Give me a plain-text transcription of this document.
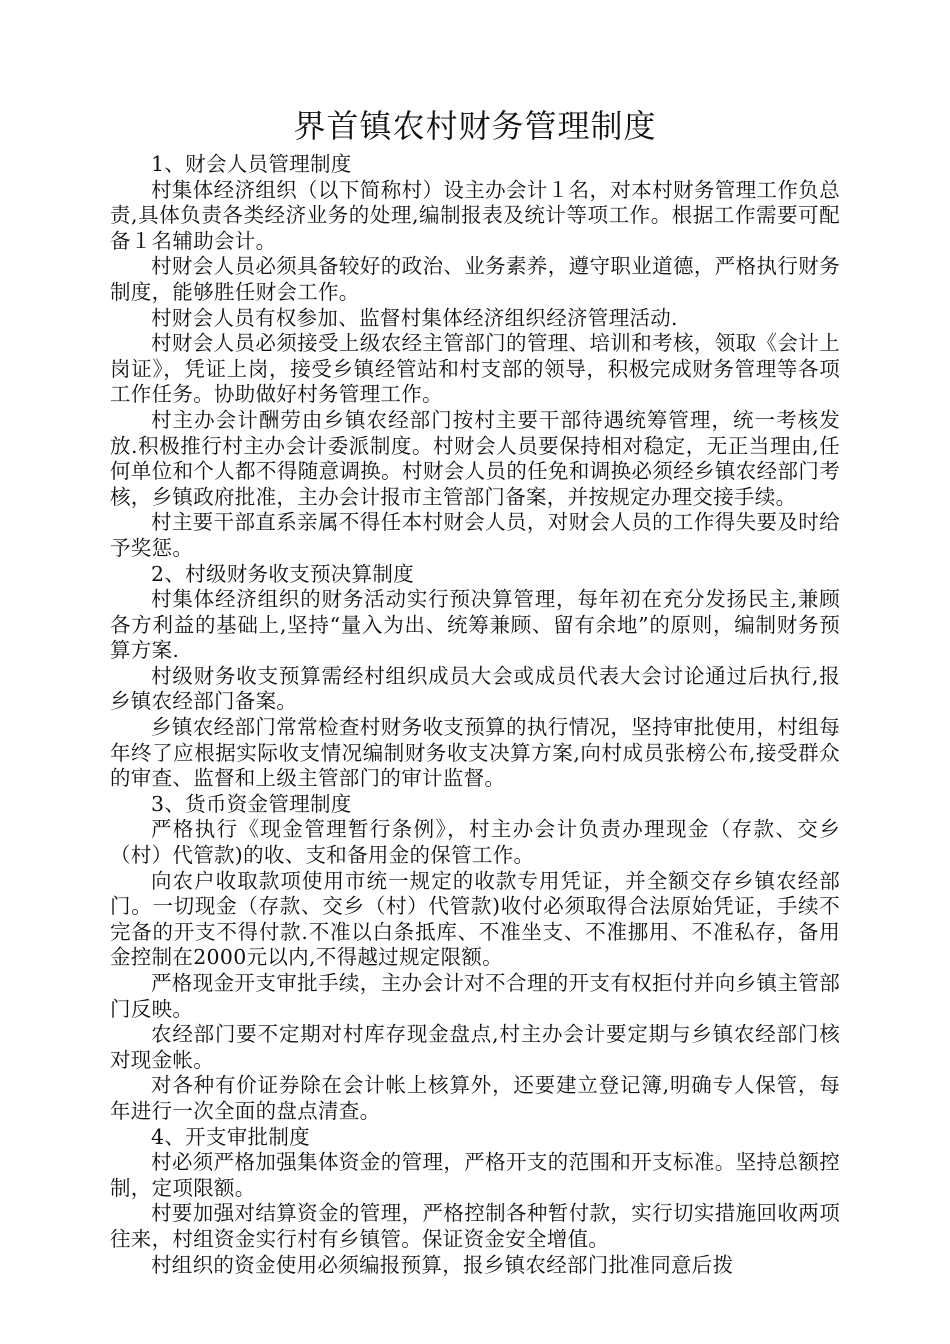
界首镇农村财务管理制度
1、财会人员管理制度

村集体经济组织（以下简称村）设主办会计１名，对本村财务管理工作负总责,具体负责各类经济业务的处理,编制报表及统计等项工作。根据工作需要可配备１名辅助会计。

村财会人员必须具备较好的政治、业务素养，遵守职业道德，严格执行财务制度，能够胜任财会工作。

村财会人员有权参加、监督村集体经济组织经济管理活动.

村财会人员必须接受上级农经主管部门的管理、培训和考核，领取《会计上岗证》，凭证上岗，接受乡镇经管站和村支部的领导，积极完成财务管理等各项工作任务。协助做好村务管理工作。

村主办会计酬劳由乡镇农经部门按村主要干部待遇统筹管理，统一考核发放.积极推行村主办会计委派制度。村财会人员要保持相对稳定，无正当理由,任何单位和个人都不得随意调换。村财会人员的任免和调换必须经乡镇农经部门考核，乡镇政府批准，主办会计报市主管部门备案，并按规定办理交接手续。

村主要干部直系亲属不得任本村财会人员，对财会人员的工作得失要及时给予奖惩。

2、村级财务收支预决算制度

村集体经济组织的财务活动实行预决算管理，每年初在充分发扬民主,兼顾各方利益的基础上,坚持“量入为出、统筹兼顾、留有余地”的原则，编制财务预算方案.

村级财务收支预算需经村组织成员大会或成员代表大会讨论通过后执行,报乡镇农经部门备案。

乡镇农经部门常常检查村财务收支预算的执行情况，坚持审批使用，村组每年终了应根据实际收支情况编制财务收支决算方案,向村成员张榜公布,接受群众的审查、监督和上级主管部门的审计监督。

3、货币资金管理制度

严格执行《现金管理暂行条例》，村主办会计负责办理现金（存款、交乡（村）代管款)的收、支和备用金的保管工作。

向农户收取款项使用市统一规定的收款专用凭证，并全额交存乡镇农经部门。一切现金（存款、交乡（村）代管款)收付必须取得合法原始凭证，手续不完备的开支不得付款.不准以白条抵库、不准坐支、不准挪用、不准私存，备用金控制在2000元以内,不得越过规定限额。

严格现金开支审批手续，主办会计对不合理的开支有权拒付并向乡镇主管部门反映。

农经部门要不定期对村库存现金盘点,村主办会计要定期与乡镇农经部门核对现金帐。

对各种有价证券除在会计帐上核算外，还要建立登记簿,明确专人保管，每年进行一次全面的盘点清查。

4、开支审批制度

村必须严格加强集体资金的管理，严格开支的范围和开支标准。坚持总额控制，定项限额。

村要加强对结算资金的管理，严格控制各种暂付款，实行切实措施回收两项往来，村组资金实行村有乡镇管。保证资金安全增值。

村组织的资金使用必须编报预算，报乡镇农经部门批准同意后拨
